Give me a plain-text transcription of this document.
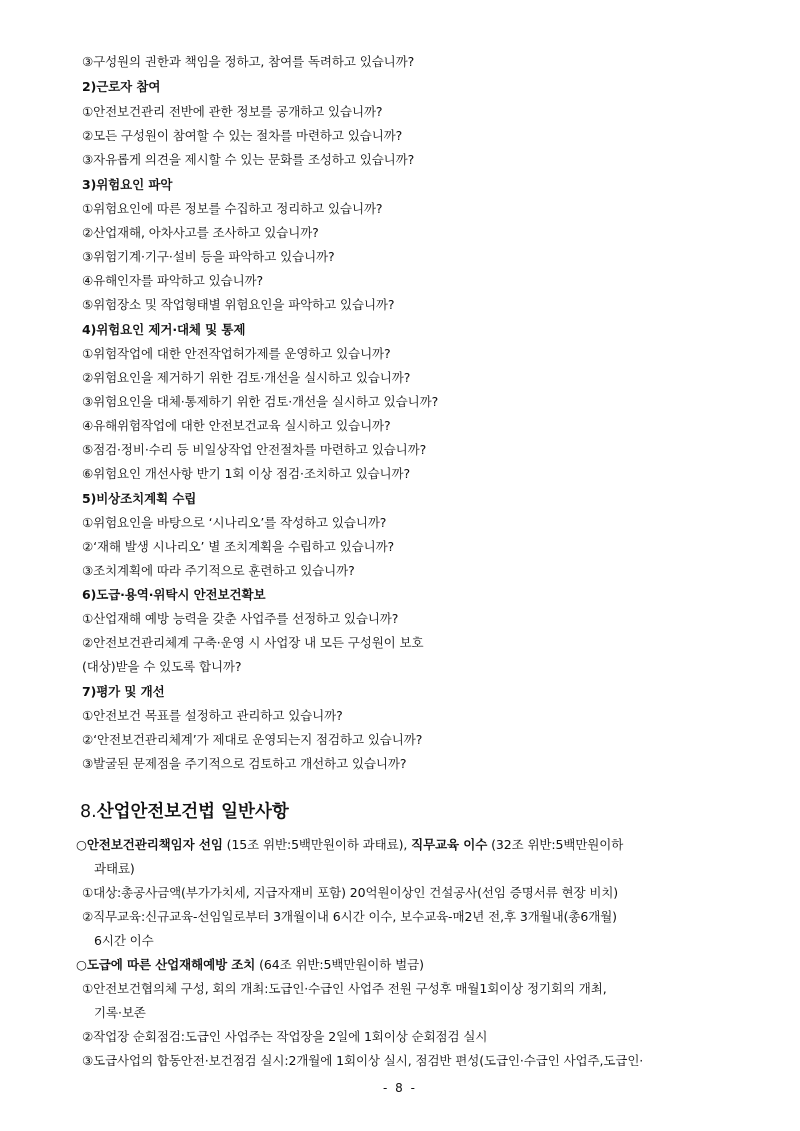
③구성원의 권한과 책임을 정하고, 참여를 독려하고 있습니까?
2)근로자 참여
①안전보건관리 전반에 관한 정보를 공개하고 있습니까?
②모든 구성원이 참여할 수 있는 절차를 마련하고 있습니까?
③자유롭게 의견을 제시할 수 있는 문화를 조성하고 있습니까?
3)위험요인 파악
①위험요인에 따른 정보를 수집하고 정리하고 있습니까?
②산업재해, 아차사고를 조사하고 있습니까?
③위험기계·기구·설비 등을 파악하고 있습니까?
④유해인자를 파악하고 있습니까?
⑤위험장소 및 작업형태별 위험요인을 파악하고 있습니까?
4)위험요인 제거·대체 및 통제
①위험작업에 대한 안전작업허가제를 운영하고 있습니까?
②위험요인을 제거하기 위한 검토·개선을 실시하고 있습니까?
③위험요인을 대체·통제하기 위한 검토·개선을 실시하고 있습니까?
④유해위험작업에 대한 안전보건교육 실시하고 있습니까?
⑤점검·정비·수리 등 비일상작업 안전절차를 마련하고 있습니까?
⑥위험요인 개선사항 반기 1회 이상 점검·조치하고 있습니까?
5)비상조치계획 수립
①위험요인을 바탕으로 ‘시나리오’를 작성하고 있습니까?
②‘재해 발생 시나리오’ 별 조치계획을 수립하고 있습니까?
③조치계획에 따라 주기적으로 훈련하고 있습니까?
6)도급·용역·위탁시 안전보건확보
①산업재해 예방 능력을 갖춘 사업주를 선정하고 있습니까?
②안전보건관리체계 구축·운영 시 사업장 내 모든 구성원이 보호
(대상)받을 수 있도록 합니까?
7)평가 및 개선
①안전보건 목표를 설정하고 관리하고 있습니까?
②‘안전보건관리체계’가 제대로 운영되는지 점검하고 있습니까?
③발굴된 문제점을 주기적으로 검토하고 개선하고 있습니까?
8.산업안전보건법 일반사항
○안전보건관리책임자 선임 (15조 위반:5백만원이하 과태료), 직무교육 이수 (32조 위반:5백만원이하
과태료)
①대상:총공사금액(부가가치세, 지급자재비 포함) 20억원이상인 건설공사(선임 증명서류 현장 비치)
②직무교육:신규교육-선임일로부터 3개월이내 6시간 이수, 보수교육-매2년 전,후 3개월내(총6개월)
6시간 이수
○도급에 따른 산업재해예방 조치 (64조 위반:5백만원이하 벌금)
①안전보건협의체 구성, 회의 개최:도급인·수급인 사업주 전원 구성후 매월1회이상 정기회의 개최,
기록·보존
②작업장 순회점검:도급인 사업주는 작업장을 2일에 1회이상 순회점검 실시
③도급사업의 합동안전·보건점검 실시:2개월에 1회이상 실시, 점검반 편성(도급인·수급인 사업주,도급인·
- 8 -
